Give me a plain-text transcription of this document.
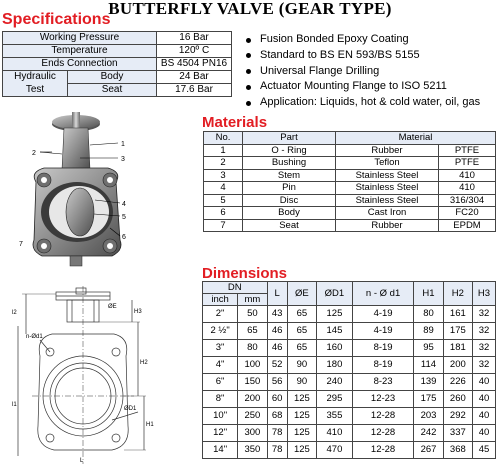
BUTTERFLY VALVE (GEAR TYPE)
Specifications
Working Pressure		16 Bar
Temperature		120º C
Ends Connection		BS 4504 PN16
Hydraulic	Body	24 Bar
Test	Seat	17.6 Bar
Fusion Bonded Epoxy Coating
Standard to BS EN 593/BS 5155
Universal Flange Drilling
Actuator Mounting Flange to ISO 5211
Application: Liquids, hot & cold water, oil, gas
1
2
3
4
5
6
7
Materials
No.	Part	Material	
1	O - Ring	Rubber	PTFE
2	Bushing	Teflon	PTFE
3	Stem	Stainless Steel	410
4	Pin	Stainless Steel	410
5	Disc	Stainless Steel	316/304
6	Body	Cast Iron	FC20
7	Seat	Rubber	EPDM
l2
l1
H3
H2
H1
n-Ød1
ØD1
ØE
L
Dimensions
DN		L	ØE	ØD1	n - Ø d1	H1	H2	H3
inch	mm							
2"	50	43	65	125	4-19	80	161	32
2 ½"	65	46	65	145	4-19	89	175	32
3"	80	46	65	160	8-19	95	181	32
4"	100	52	90	180	8-19	114	200	32
6"	150	56	90	240	8-23	139	226	40
8"	200	60	125	295	12-23	175	260	40
10"	250	68	125	355	12-28	203	292	40
12"	300	78	125	410	12-28	242	337	40
14"	350	78	125	470	12-28	267	368	45
